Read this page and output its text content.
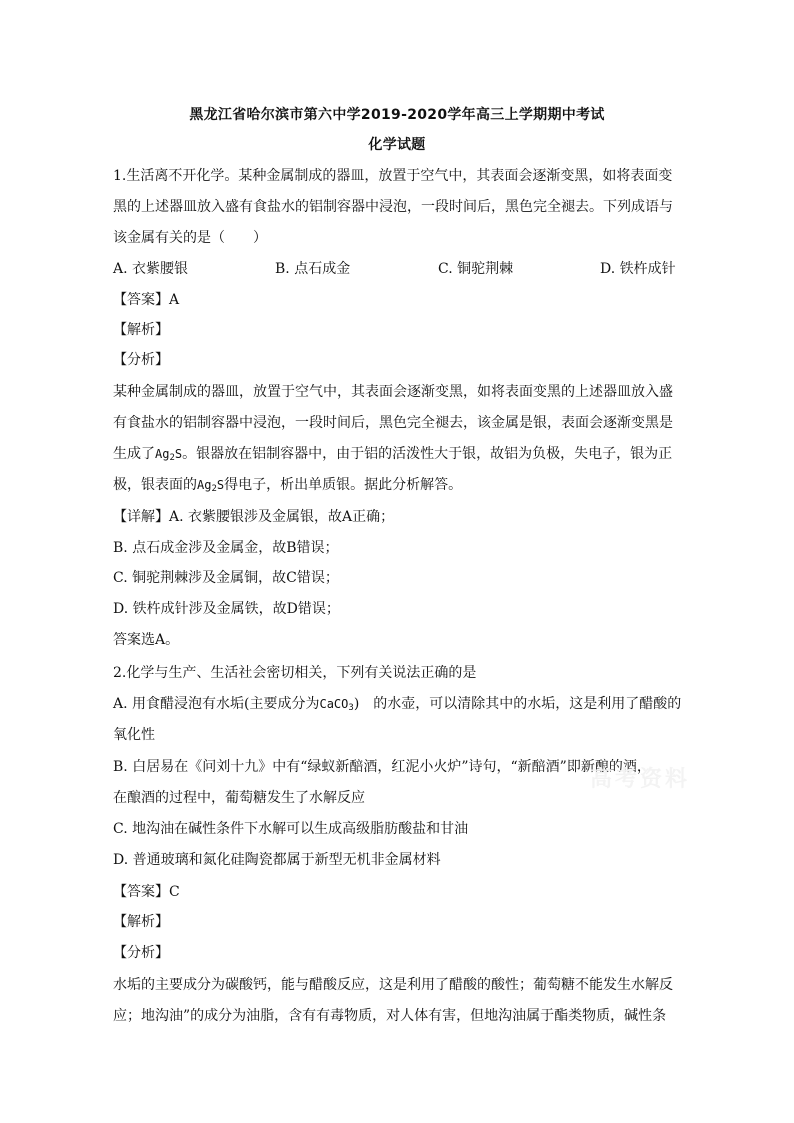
黑龙江省哈尔滨市第六中学2019-2020学年高三上学期期中考试
化学试题
1.生活离不开化学。某种金属制成的器皿，放置于空气中，其表面会逐渐变黑，如将表面变
黑的上述器皿放入盛有食盐水的铝制容器中浸泡，一段时间后，黑色完全褪去。下列成语与
该金属有关的是（　　）
A. 衣紫腰银	B. 点石成金	C. 铜驼荆棘	D. 铁杵成针
【答案】A
【解析】
【分析】
某种金属制成的器皿，放置于空气中，其表面会逐渐变黑，如将表面变黑的上述器皿放入盛
有食盐水的铝制容器中浸泡，一段时间后，黑色完全褪去，该金属是银，表面会逐渐变黑是
生成了$Ag_2S$。银器放在铝制容器中，由于铝的活泼性大于银，故铝为负极，失电子，银为正
极，银表面的$Ag_2S$得电子，析出单质银。据此分析解答。
【详解】A. 衣紫腰银涉及金属银，故A正确；
B. 点石成金涉及金属金，故B错误；
C. 铜驼荆棘涉及金属铜，故C错误；
D. 铁杵成针涉及金属铁，故D错误；
答案选A。
2.化学与生产、生活社会密切相关，下列有关说法正确的是
A. 用食醋浸泡有水垢(主要成分为CaCO$_3$)　的水壶，可以清除其中的水垢，这是利用了醋酸的
氧化性
B. 白居易在《问刘十九》中有“绿蚁新醅酒，红泥小火炉”诗句，“新醅酒”即新酿的酒，
在酿酒的过程中，葡萄糖发生了水解反应
C. 地沟油在碱性条件下水解可以生成高级脂肪酸盐和甘油
D. 普通玻璃和氮化硅陶瓷都属于新型无机非金属材料
【答案】C
【解析】
【分析】
水垢的主要成分为碳酸钙，能与醋酸反应，这是利用了醋酸的酸性；葡萄糖不能发生水解反
应；地沟油”的成分为油脂，含有有毒物质，对人体有害，但地沟油属于酯类物质，碱性条
高考资料
